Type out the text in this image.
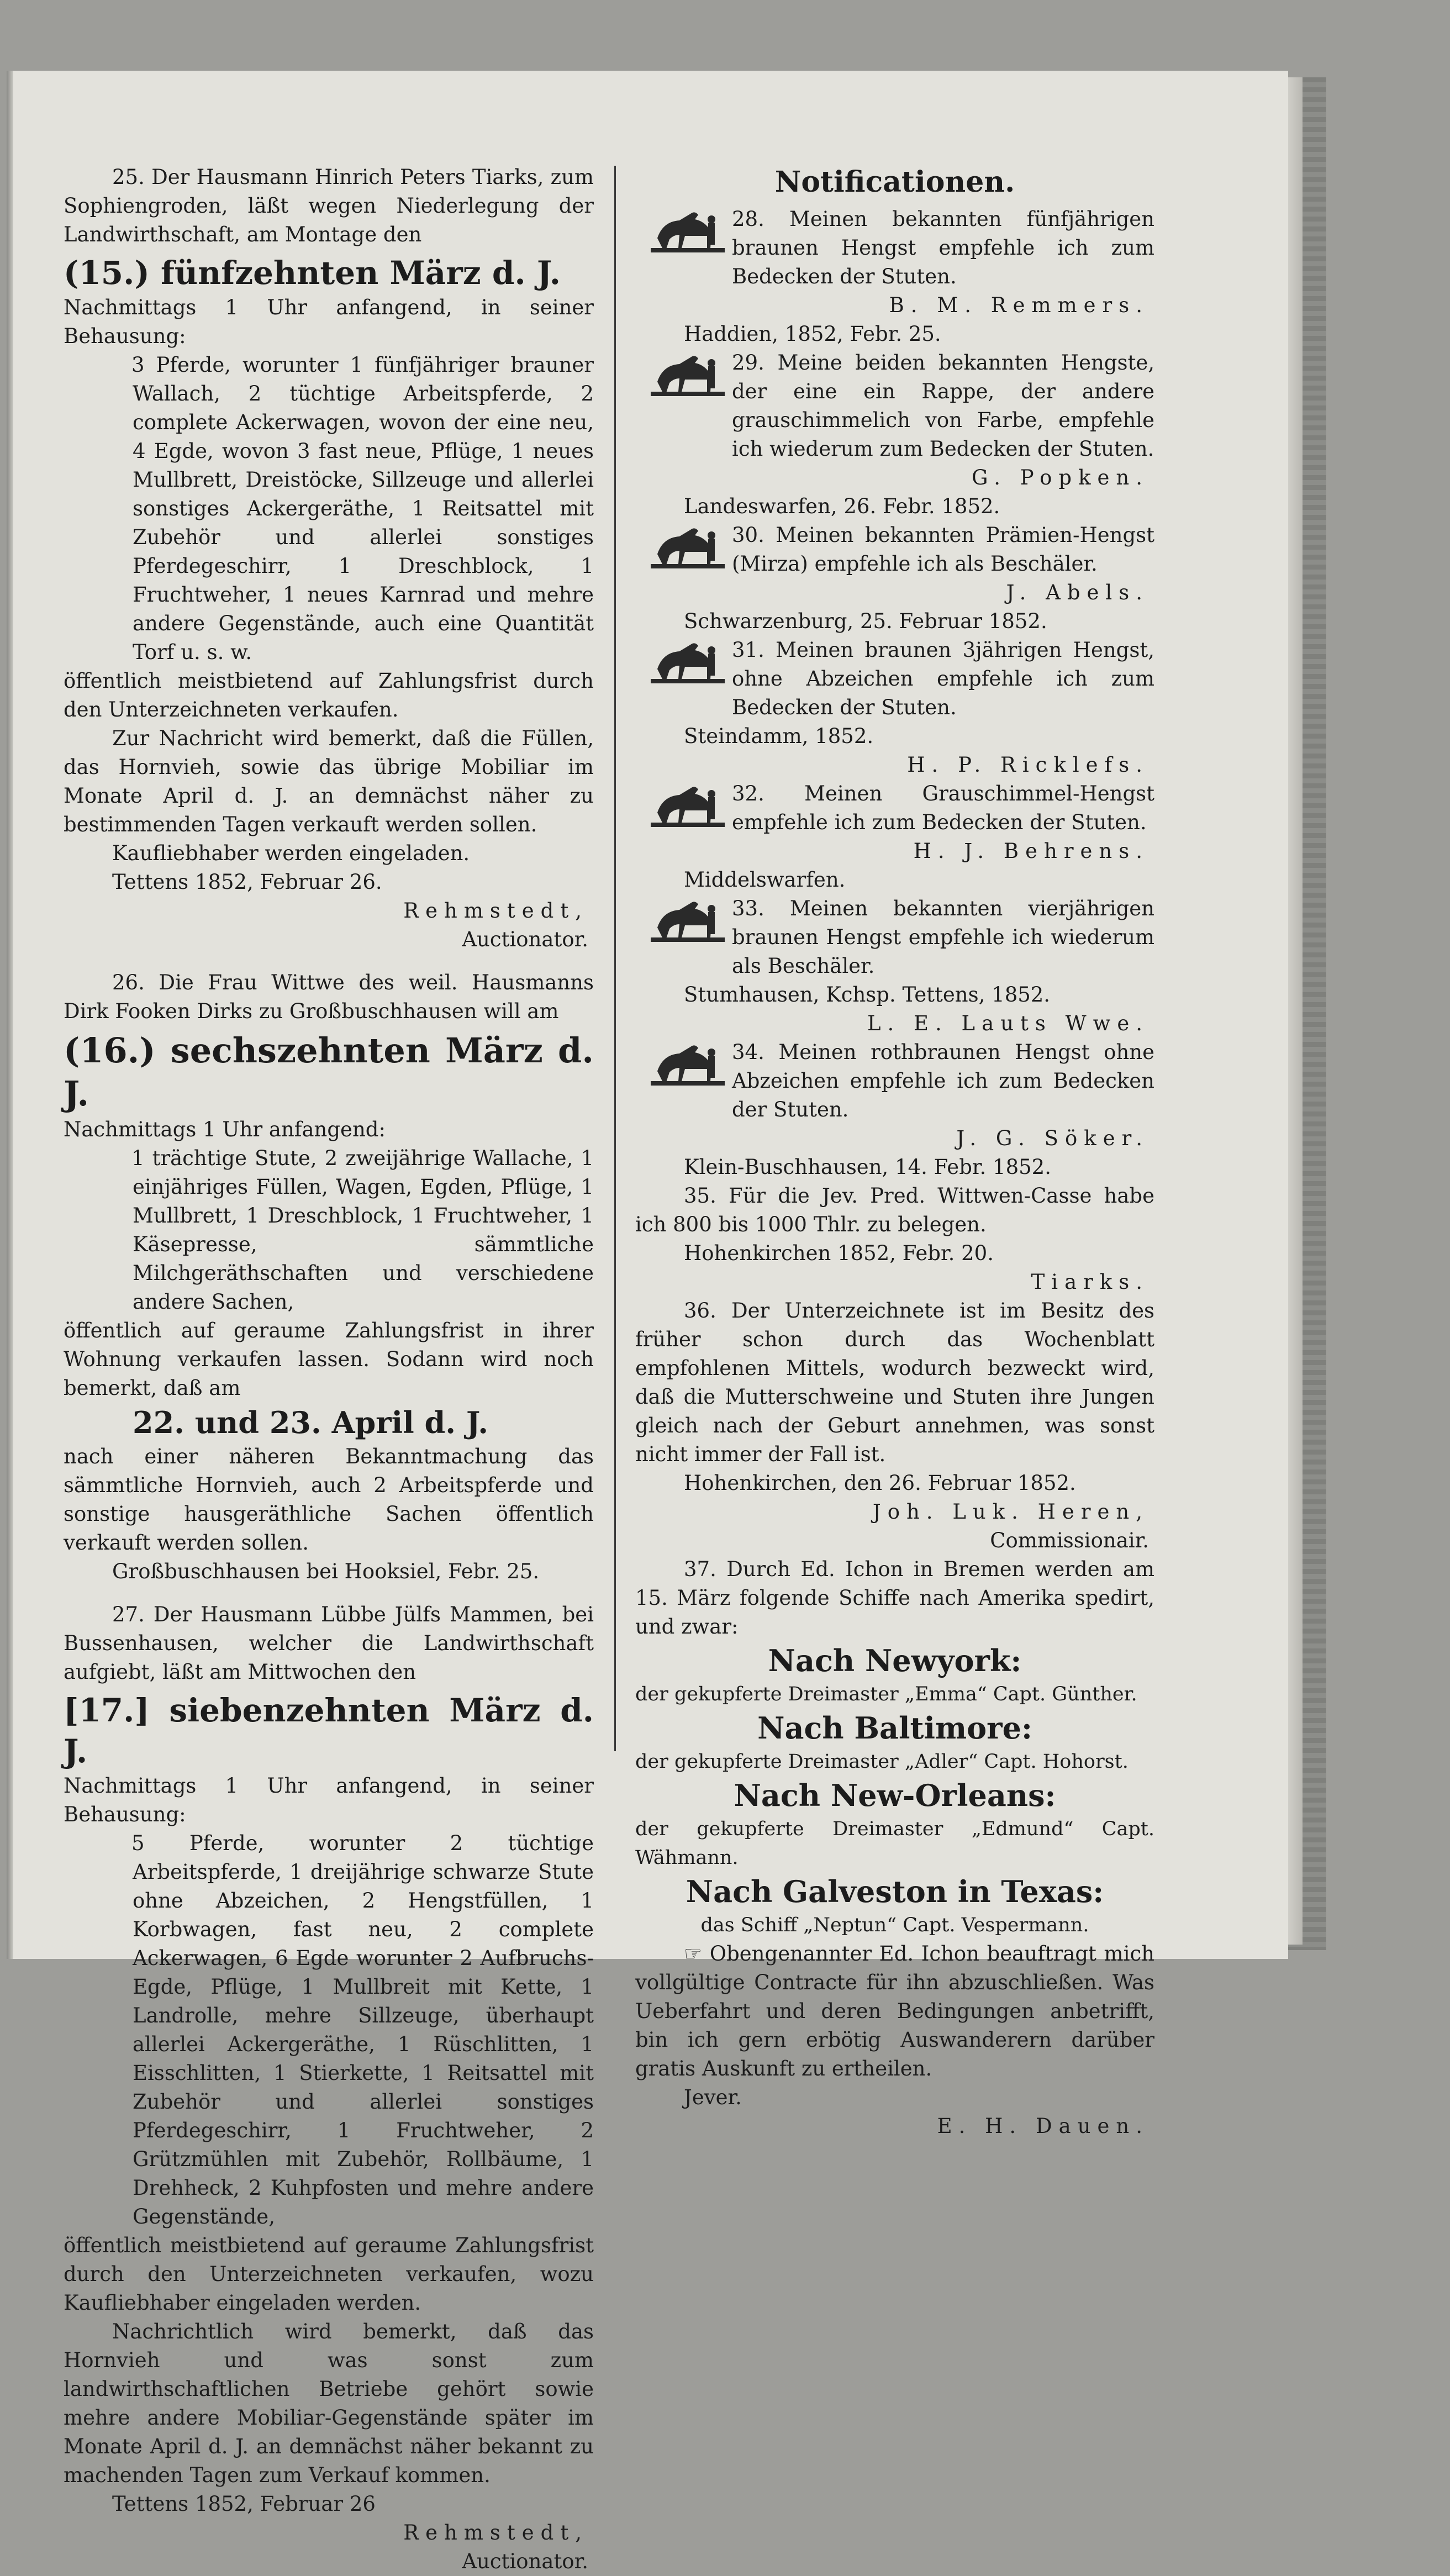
25. Der Hausmann Hinrich Peters Tiarks, zum Sophiengroden, läßt wegen Niederlegung der Landwirthschaft, am Montage den

(15.) fünfzehnten März d. J.

Nachmittags 1 Uhr anfangend, in seiner Behausung:

3 Pferde, worunter 1 fünfjähriger brauner Wallach, 2 tüchtige Arbeitspferde, 2 complete Ackerwagen, wovon der eine neu, 4 Egde, wovon 3 fast neue, Pflüge, 1 neues Mullbrett, Dreistöcke, Sillzeuge und allerlei sonstiges Ackergeräthe, 1 Reitsattel mit Zubehör und allerlei sonstiges Pferdegeschirr, 1 Dreschblock, 1 Fruchtweher, 1 neues Karnrad und mehre andere Gegenstände, auch eine Quantität Torf u. s. w.

öffentlich meistbietend auf Zahlungsfrist durch den Unterzeichneten verkaufen.

Zur Nachricht wird bemerkt, daß die Füllen, das Hornvieh, sowie das übrige Mobiliar im Monate April d. J. an demnächst näher zu bestimmenden Tagen verkauft werden sollen.

Kaufliebhaber werden eingeladen.

Tettens 1852, Februar 26.

Rehmstedt,

Auctionator.

26. Die Frau Wittwe des weil. Hausmanns Dirk Fooken Dirks zu Großbuschhausen will am

(16.) sechszehnten März d. J.

Nachmittags 1 Uhr anfangend:

1 trächtige Stute, 2 zweijährige Wallache, 1 einjähriges Füllen, Wagen, Egden, Pflüge, 1 Mullbrett, 1 Dreschblock, 1 Fruchtweher, 1 Käsepresse, sämmtliche Milchgeräthschaften und verschiedene andere Sachen,

öffentlich auf geraume Zahlungsfrist in ihrer Wohnung verkaufen lassen. Sodann wird noch bemerkt, daß am

22. und 23. April d. J.

nach einer näheren Bekanntmachung das sämmtliche Hornvieh, auch 2 Arbeitspferde und sonstige hausgeräthliche Sachen öffentlich verkauft werden sollen.

Großbuschhausen bei Hooksiel, Febr. 25.

27. Der Hausmann Lübbe Jülfs Mammen, bei Bussenhausen, welcher die Landwirthschaft aufgiebt, läßt am Mittwochen den

[17.] siebenzehnten März d. J.

Nachmittags 1 Uhr anfangend, in seiner Behausung:

5 Pferde, worunter 2 tüchtige Arbeitspferde, 1 dreijährige schwarze Stute ohne Abzeichen, 2 Hengstfüllen, 1 Korbwagen, fast neu, 2 complete Ackerwagen, 6 Egde worunter 2 Aufbruchs-Egde, Pflüge, 1 Mullbreit mit Kette, 1 Landrolle, mehre Sillzeuge, überhaupt allerlei Ackergeräthe, 1 Rüschlitten, 1 Eisschlitten, 1 Stierkette, 1 Reitsattel mit Zubehör und allerlei sonstiges Pferdegeschirr, 1 Fruchtweher, 2 Grützmühlen mit Zubehör, Rollbäume, 1 Drehheck, 2 Kuhpfosten und mehre andere Gegenstände,

öffentlich meistbietend auf geraume Zahlungsfrist durch den Unterzeichneten verkaufen, wozu Kaufliebhaber eingeladen werden.

Nachrichtlich wird bemerkt, daß das Hornvieh und was sonst zum landwirthschaftlichen Betriebe gehört sowie mehre andere Mobiliar-Gegenstände später im Monate April d. J. an demnächst näher bekannt zu machenden Tagen zum Verkauf kommen.

Tettens 1852, Februar 26

Rehmstedt,

Auctionator.

Notificationen.

28. Meinen bekannten fünfjährigen braunen Hengst empfehle ich zum Bedecken der Stuten.

B. M. Remmers.

Haddien, 1852, Febr. 25.

29. Meine beiden bekannten Hengste, der eine ein Rappe, der andere grauschimmelich von Farbe, empfehle ich wiederum zum Bedecken der Stuten.

G. Popken.

Landeswarfen, 26. Febr. 1852.

30. Meinen bekannten Prämien-Hengst (Mirza) empfehle ich als Beschäler.

J. Abels.

Schwarzenburg, 25. Februar 1852.

31. Meinen braunen 3jährigen Hengst, ohne Abzeichen empfehle ich zum Bedecken der Stuten.

Steindamm, 1852.

H. P. Ricklefs.

32. Meinen Grauschimmel-Hengst empfehle ich zum Bedecken der Stuten.

H. J. Behrens.

Middelswarfen.

33. Meinen bekannten vierjährigen braunen Hengst empfehle ich wiederum als Beschäler.

Stumhausen, Kchsp. Tettens, 1852.

L. E. Lauts Wwe.

34. Meinen rothbraunen Hengst ohne Abzeichen empfehle ich zum Bedecken der Stuten.

J. G. Söker.

Klein-Buschhausen, 14. Febr. 1852.

35. Für die Jev. Pred. Wittwen-Casse habe ich 800 bis 1000 Thlr. zu belegen.

Hohenkirchen 1852, Febr. 20.

Tiarks.

36. Der Unterzeichnete ist im Besitz des früher schon durch das Wochenblatt empfohlenen Mittels, wodurch bezweckt wird, daß die Mutterschweine und Stuten ihre Jungen gleich nach der Geburt annehmen, was sonst nicht immer der Fall ist.

Hohenkirchen, den 26. Februar 1852.

Joh. Luk. Heren,

Commissionair.

37. Durch Ed. Ichon in Bremen werden am 15. März folgende Schiffe nach Amerika spedirt, und zwar:

Nach Newyork:

der gekupferte Dreimaster „Emma“ Capt. Günther.

Nach Baltimore:

der gekupferte Dreimaster „Adler“ Capt. Hohorst.

Nach New-Orleans:

der gekupferte Dreimaster „Edmund“ Capt. Wähmann.

Nach Galveston in Texas:

das Schiff „Neptun“ Capt. Vespermann.

☞ Obengenannter Ed. Ichon beauftragt mich vollgültige Contracte für ihn abzuschließen. Was Ueberfahrt und deren Bedingungen anbetrifft, bin ich gern erbötig Auswanderern darüber gratis Auskunft zu ertheilen.

Jever.

E. H. Dauen.
